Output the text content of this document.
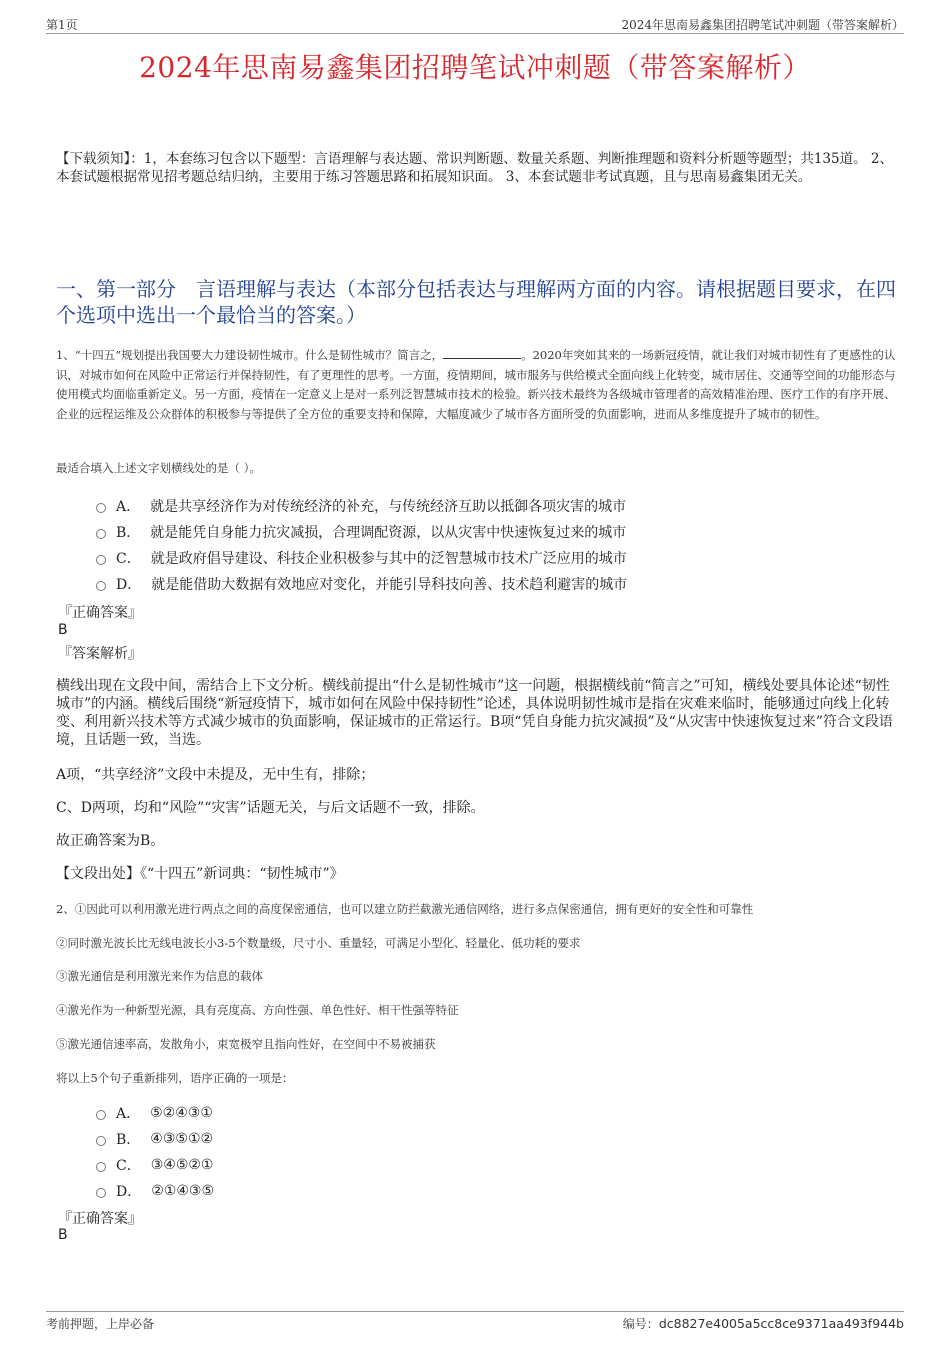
第1页	2024年思南易鑫集团招聘笔试冲刺题（带答案解析）
2024年思南易鑫集团招聘笔试冲刺题（带答案解析）
【下载须知】：1，本套练习包含以下题型：言语理解与表达题、常识判断题、数量关系题、判断推理题和资料分析题等题型；共135道。 2、本套试题根据常见招考题总结归纳，主要用于练习答题思路和拓展知识面。 3、本套试题非考试真题，且与思南易鑫集团无关。
一、第一部分　言语理解与表达（本部分包括表达与理解两方面的内容。请根据题目要求，在四个选项中选出一个最恰当的答案。）
1、“十四五”规划提出我国要大力建设韧性城市。什么是韧性城市？简言之，	。2020年突如其来的一场新冠疫情，就让我们对城市韧性有了更感性的认识，对城市如何在风险中正常运行并保持韧性，有了更理性的思考。一方面，疫情期间，城市服务与供给模式全面向线上化转变，城市居住、交通等空间的功能形态与使用模式均面临重新定义。另一方面，疫情在一定意义上是对一系列泛智慧城市技术的检验。新兴技术最终为各级城市管理者的高效精准治理、医疗工作的有序开展、企业的远程运维及公众群体的积极参与等提供了全方位的重要支持和保障，大幅度减少了城市各方面所受的负面影响，进而从多维度提升了城市的韧性。
最适合填入上述文字划横线处的是（ ）。
A． 就是共享经济作为对传统经济的补充，与传统经济互助以抵御各项灾害的城市
B． 就是能凭自身能力抗灾减损，合理调配资源，以从灾害中快速恢复过来的城市
C． 就是政府倡导建设、科技企业积极参与其中的泛智慧城市技术广泛应用的城市
D． 就是能借助大数据有效地应对变化，并能引导科技向善、技术趋利避害的城市
『正确答案』
B
『答案解析』
横线出现在文段中间，需结合上下文分析。横线前提出“什么是韧性城市”这一问题，根据横线前“简言之”可知，横线处要具体论述“韧性城市”的内涵。横线后围绕“新冠疫情下，城市如何在风险中保持韧性”论述，具体说明韧性城市是指在灾难来临时，能够通过向线上化转变、利用新兴技术等方式减少城市的负面影响，保证城市的正常运行。B项“凭自身能力抗灾减损”及“从灾害中快速恢复过来”符合文段语境，且话题一致，当选。
A项，“共享经济”文段中未提及，无中生有，排除；
C、D两项，均和“风险”“灾害”话题无关，与后文话题不一致，排除。
故正确答案为B。
【文段出处】《“十四五”新词典：“韧性城市”》
2、①因此可以利用激光进行两点之间的高度保密通信，也可以建立防拦截激光通信网络，进行多点保密通信，拥有更好的安全性和可靠性
②同时激光波长比无线电波长小3-5个数量级，尺寸小、重量轻，可满足小型化、轻量化、低功耗的要求
③激光通信是利用激光来作为信息的载体
④激光作为一种新型光源，具有亮度高、方向性强、单色性好、相干性强等特征
⑤激光通信速率高，发散角小，束宽极窄且指向性好，在空间中不易被捕获
将以上5个句子重新排列，语序正确的一项是：
A． ⑤②④③①
B． ④③⑤①②
C． ③④⑤②①
D． ②①④③⑤
『正确答案』
B
考前押题，上岸必备	编号：dc8827e4005a5cc8ce9371aa493f944b
